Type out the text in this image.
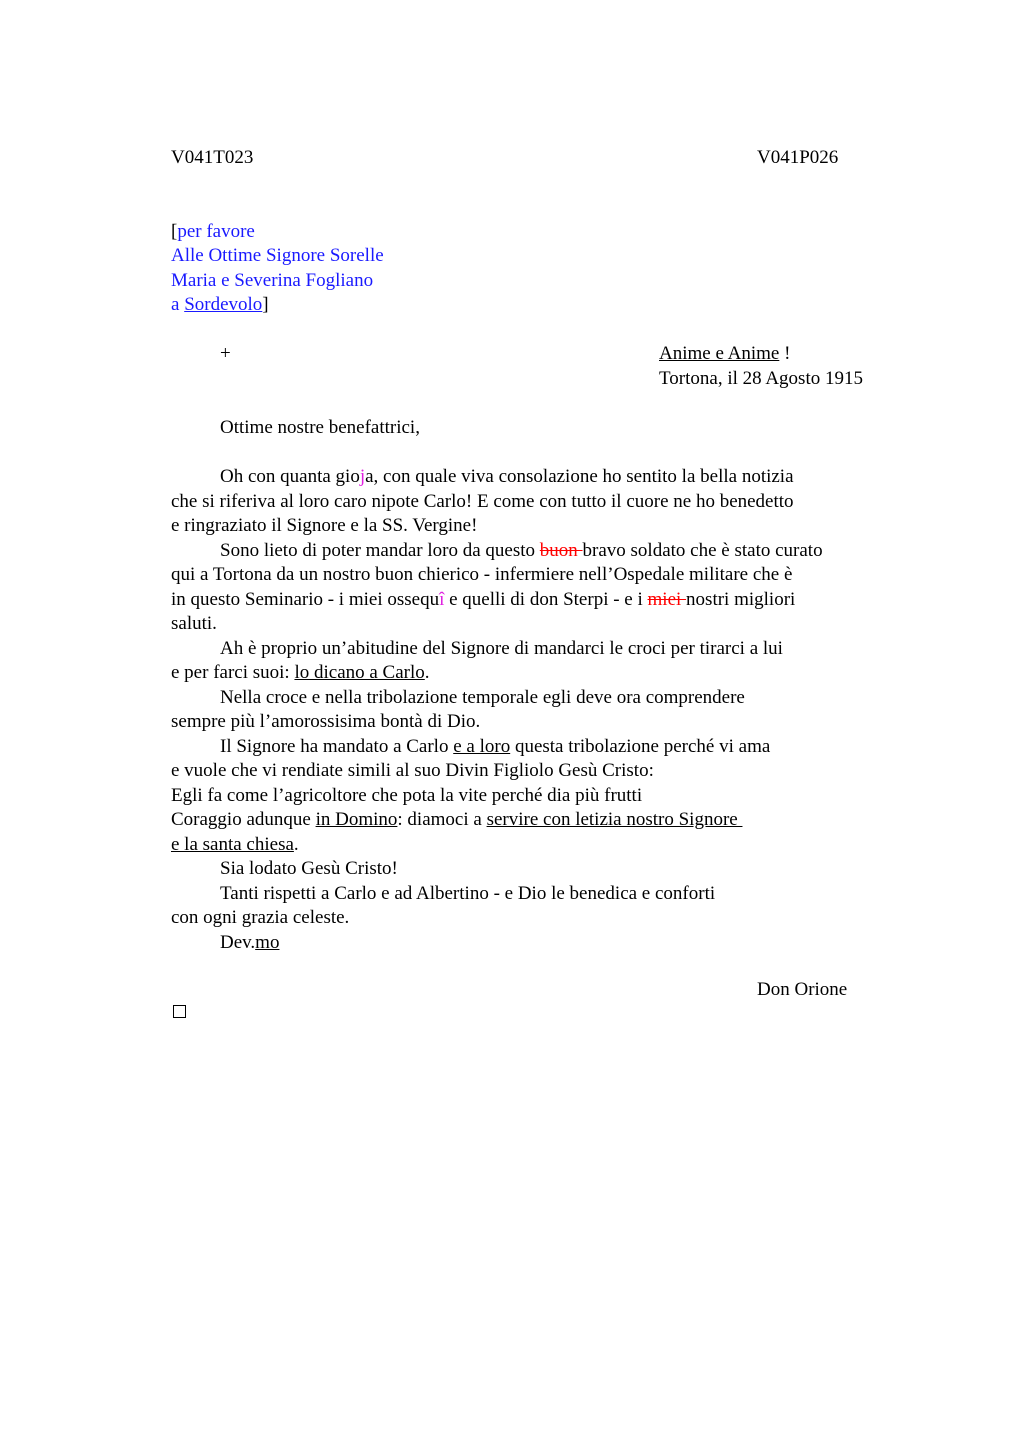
V041T023	V041P026
[per favore
Alle Ottime Signore Sorelle
Maria e Severina Fogliano
a Sordevolo]
+	Anime e Anime !
Tortona, il 28 Agosto 1915
Ottime nostre benefattrici,
Oh con quanta gioja, con quale viva consolazione ho sentito la bella notizia
che si riferiva al loro caro nipote Carlo! E come con tutto il cuore ne ho benedetto
e ringraziato il Signore e la SS. Vergine!
Sono lieto di poter mandar loro da questo buon bravo soldato che è stato curato
qui a Tortona da un nostro buon chierico - infermiere nell’Ospedale militare che è
in questo Seminario - i miei ossequî e quelli di don Sterpi - e i miei nostri migliori
saluti.
Ah è proprio un’abitudine del Signore di mandarci le croci per tirarci a lui
e per farci suoi: lo dicano a Carlo.
Nella croce e nella tribolazione temporale egli deve ora comprendere
sempre più l’amorossisima bontà di Dio.
Il Signore ha mandato a Carlo e a loro questa tribolazione perché vi ama
e vuole che vi rendiate simili al suo Divin Figliolo Gesù Cristo:
Egli fa come l’agricoltore che pota la vite perché dia più frutti
Coraggio adunque in Domino: diamoci a servire con letizia nostro Signore
e la santa chiesa.
Sia lodato Gesù Cristo!
Tanti rispetti a Carlo e ad Albertino - e Dio le benedica e conforti
con ogni grazia celeste.
Dev.mo
Don Orione
